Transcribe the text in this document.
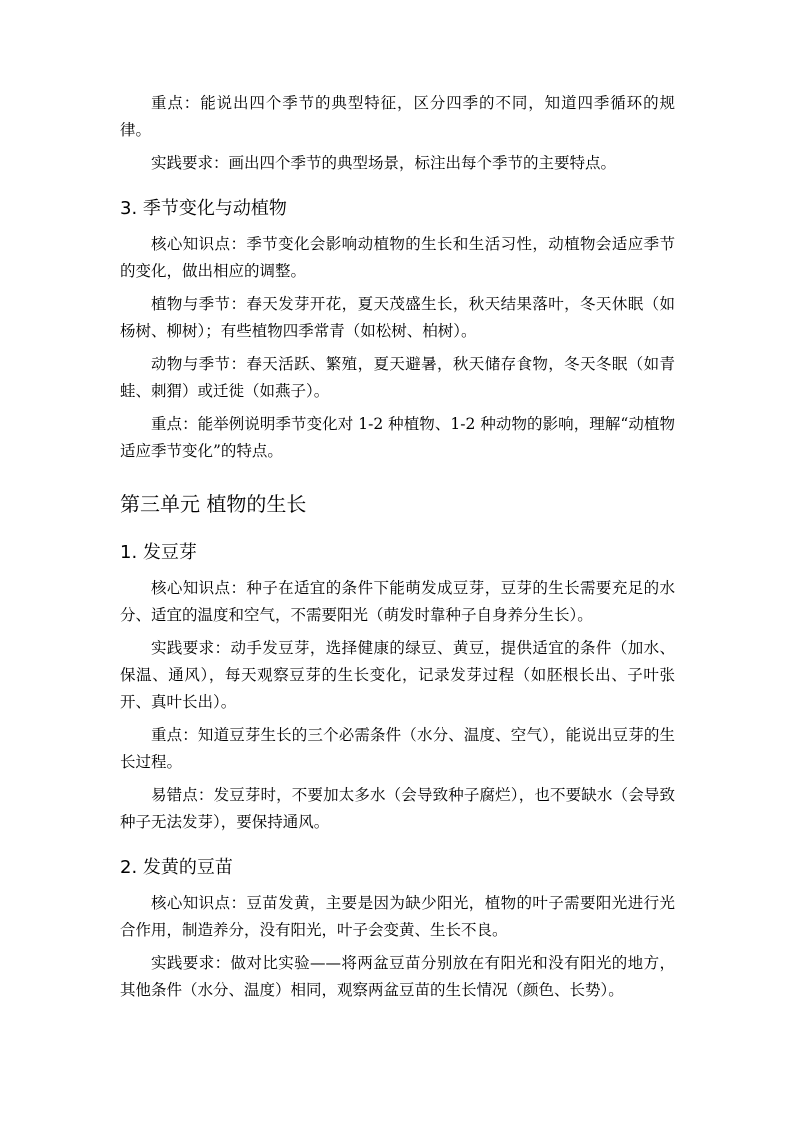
重点：能说出四个季节的典型特征，区分四季的不同，知道四季循环的规律。

实践要求：画出四个季节的典型场景，标注出每个季节的主要特点。

3. 季节变化与动植物

核心知识点：季节变化会影响动植物的生长和生活习性，动植物会适应季节的变化，做出相应的调整。

植物与季节：春天发芽开花，夏天茂盛生长，秋天结果落叶，冬天休眠（如杨树、柳树）；有些植物四季常青（如松树、柏树）。

动物与季节：春天活跃、繁殖，夏天避暑，秋天储存食物，冬天冬眠（如青蛙、刺猬）或迁徙（如燕子）。

重点：能举例说明季节变化对 1-2 种植物、1-2 种动物的影响，理解“动植物适应季节变化”的特点。

第三单元 植物的生长
1. 发豆芽

核心知识点：种子在适宜的条件下能萌发成豆芽，豆芽的生长需要充足的水分、适宜的温度和空气，不需要阳光（萌发时靠种子自身养分生长）。

实践要求：动手发豆芽，选择健康的绿豆、黄豆，提供适宜的条件（加水、保温、通风），每天观察豆芽的生长变化，记录发芽过程（如胚根长出、子叶张开、真叶长出）。

重点：知道豆芽生长的三个必需条件（水分、温度、空气），能说出豆芽的生长过程。

易错点：发豆芽时，不要加太多水（会导致种子腐烂），也不要缺水（会导致种子无法发芽），要保持通风。

2. 发黄的豆苗

核心知识点：豆苗发黄，主要是因为缺少阳光，植物的叶子需要阳光进行光合作用，制造养分，没有阳光，叶子会变黄、生长不良。

实践要求：做对比实验——将两盆豆苗分别放在有阳光和没有阳光的地方，其他条件（水分、温度）相同，观察两盆豆苗的生长情况（颜色、长势）。
